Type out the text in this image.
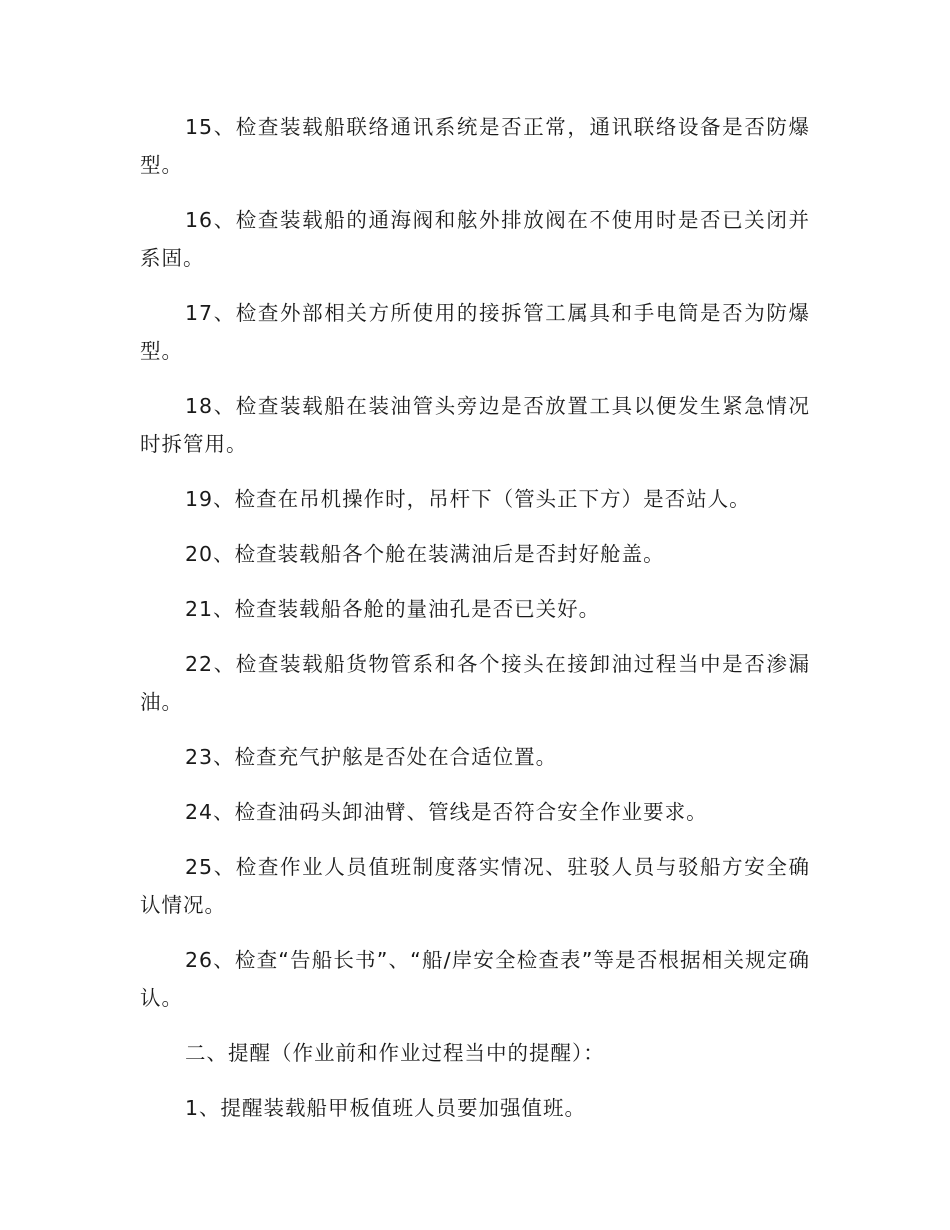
15、检查装载船联络通讯系统是否正常，通讯联络设备是否防爆型。

16、检查装载船的通海阀和舷外排放阀在不使用时是否已关闭并系固。

17、检查外部相关方所使用的接拆管工属具和手电筒是否为防爆型。

18、检查装载船在装油管头旁边是否放置工具以便发生紧急情况时拆管用。

19、检查在吊机操作时，吊杆下（管头正下方）是否站人。

20、检查装载船各个舱在装满油后是否封好舱盖。

21、检查装载船各舱的量油孔是否已关好。

22、检查装载船货物管系和各个接头在接卸油过程当中是否渗漏油。

23、检查充气护舷是否处在合适位置。

24、检查油码头卸油臂、管线是否符合安全作业要求。

25、检查作业人员值班制度落实情况、驻驳人员与驳船方安全确认情况。

26、检查“告船长书”、“船/岸安全检查表”等是否根据相关规定确认。

二、提醒（作业前和作业过程当中的提醒）：

1、提醒装载船甲板值班人员要加强值班。
